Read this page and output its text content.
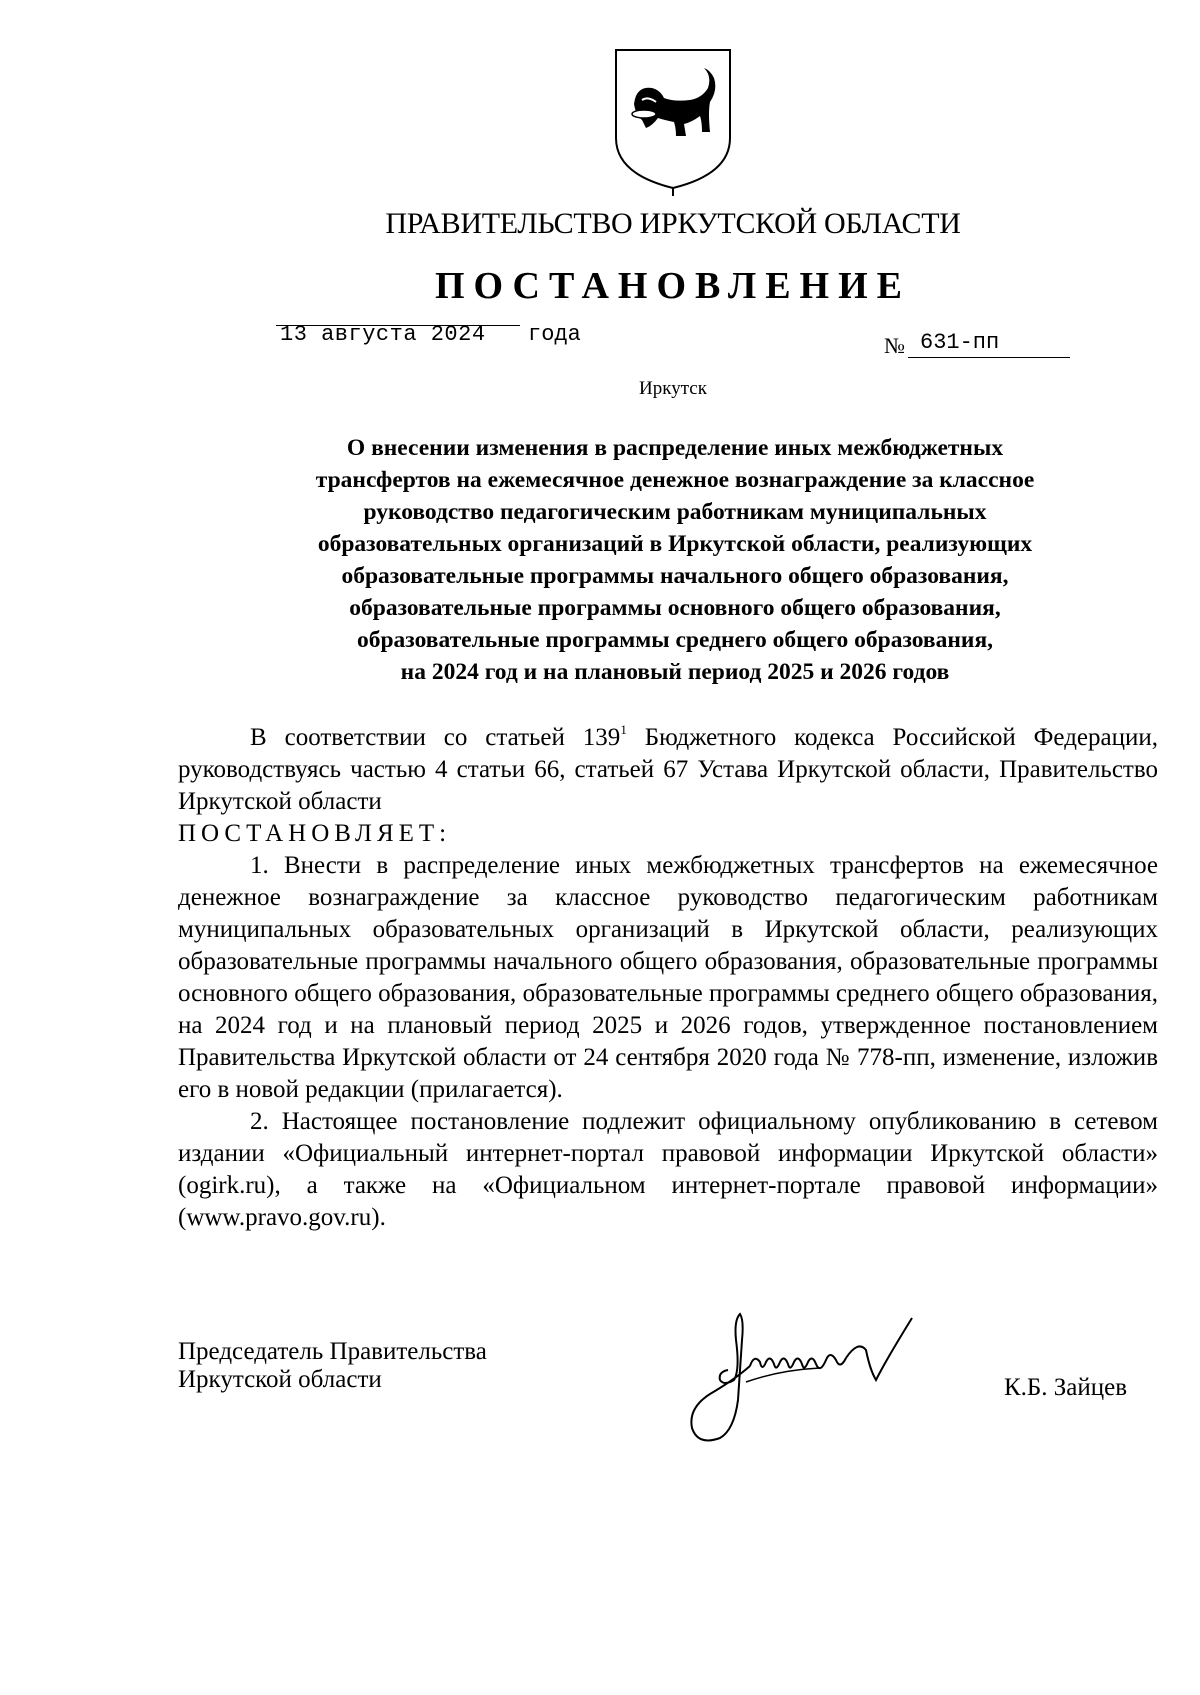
ПРАВИТЕЛЬСТВО ИРКУТСКОЙ ОБЛАСТИ
ПОСТАНОВЛЕНИЕ
13 августа 2024 года	№ 631-пп
Иркутск
О внесении изменения в распределение иных межбюджетных
трансфертов на ежемесячное денежное вознаграждение за классное
руководство педагогическим работникам муниципальных
образовательных организаций в Иркутской области, реализующих
образовательные программы начального общего образования,
образовательные программы основного общего образования,
образовательные программы среднего общего образования,
на 2024 год и на плановый период 2025 и 2026 годов

В соответствии со статьей $139^1$ Бюджетного кодекса Российской Федерации, руководствуясь частью 4 статьи 66, статьей 67 Устава Иркутской области, Правительство Иркутской области

ПОСТАНОВЛЯЕТ:

1. Внести в распределение иных межбюджетных трансфертов на ежемесячное денежное вознаграждение за классное руководство педагогическим работникам муниципальных образовательных организаций в Иркутской области, реализующих образовательные программы начального общего образования, образовательные программы основного общего образования, образовательные программы среднего общего образования, на 2024 год и на плановый период 2025 и 2026 годов, утвержденное постановлением Правительства Иркутской области от 24 сентября 2020 года № 778-пп, изменение, изложив его в новой редакции (прилагается).

2. Настоящее постановление подлежит официальному опубликованию в сетевом издании «Официальный интернет-портал правовой информации Иркутской области» (ogirk.ru), а также на «Официальном интернет-портале правовой информации» (www.pravo.gov.ru).

Председатель Правительства
Иркутской области	К.Б. Зайцев
